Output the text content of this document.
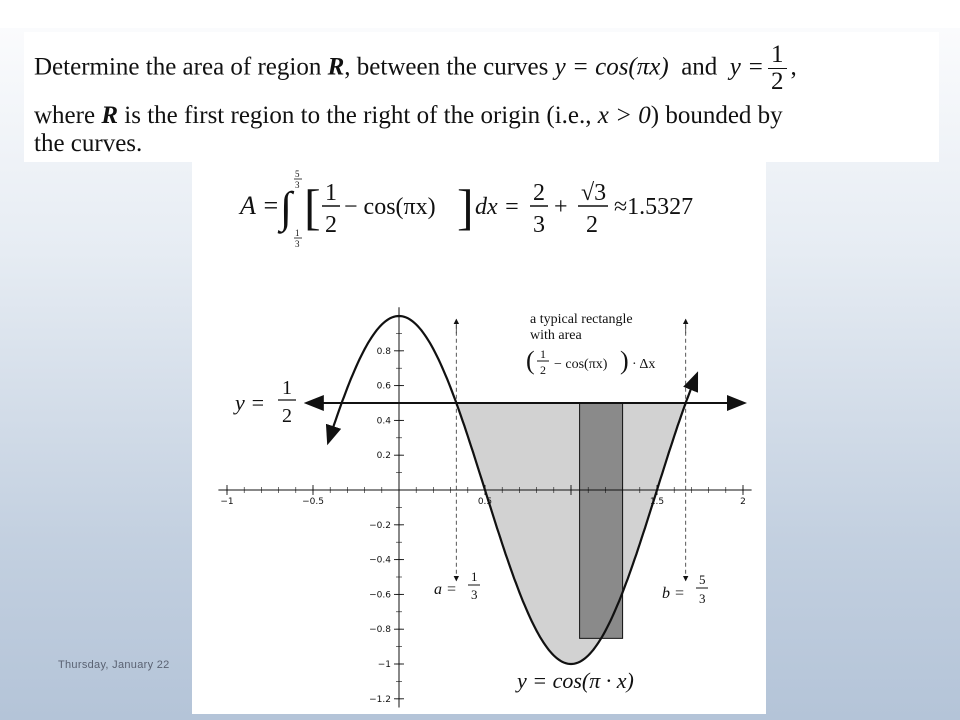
Determine the area of region R, between the curves y = cos(πx) and $y = \frac{1}{2}$ ,
where R is the first region to the right of the origin (i.e., x > 0) bounded by
the curves.
Thursday, January 22
A = ∫
5
3
1
3
[ 1
2
− cos(πx) ] dx =
2
3
+
√3
2
≈1.5327
−1	−0.5	0.5	1.5	2
0.8
0.6
0.4
0.2
−0.2
−0.4
−0.6
−0.8
−1
−1.2
y =
1
2
a typical rectangle
with area
( 1
2 − cos(πx) ) · Δx
a =
1
3	b =
5
3
y = cos(π · x)
